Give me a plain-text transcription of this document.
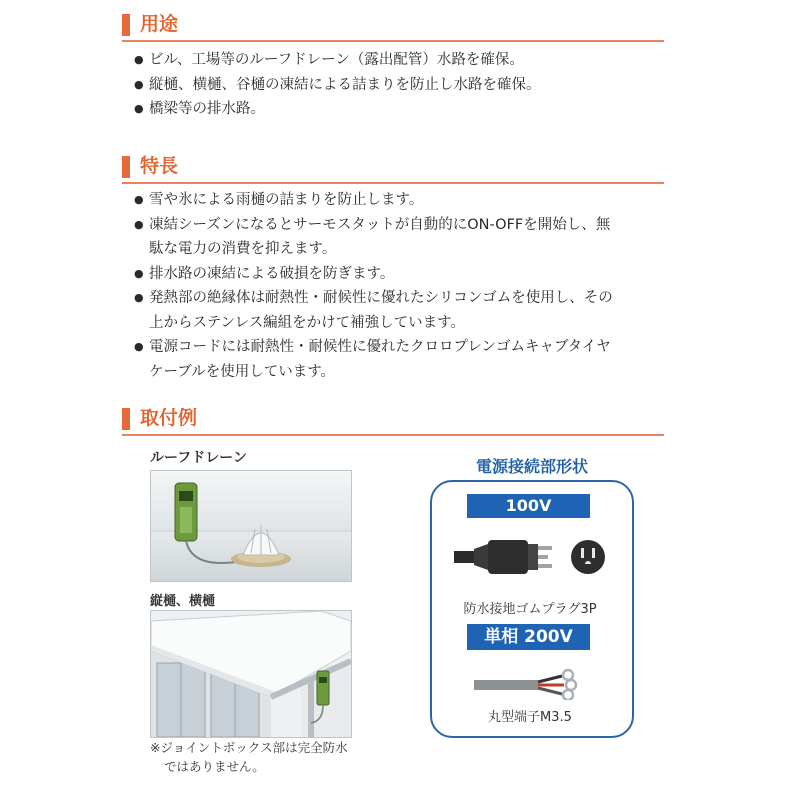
用途
● ビル、工場等のルーフドレーン（露出配管）水路を確保。
● 縦樋、横樋、谷樋の凍結による詰まりを防止し水路を確保。
● 橋梁等の排水路。
特長
● 雪や氷による雨樋の詰まりを防止します。
● 凍結シーズンになるとサーモスタットが自動的にON-OFFを開始し、無
駄な電力の消費を抑えます。
● 排水路の凍結による破損を防ぎます。
● 発熱部の絶縁体は耐熱性・耐候性に優れたシリコンゴムを使用し、その
上からステンレス編組をかけて補強しています。
● 電源コードには耐熱性・耐候性に優れたクロロプレンゴムキャブタイヤ
ケーブルを使用しています。
取付例
ルーフドレーン
縦樋、横樋
※ジョイントボックス部は完全防水
ではありません。
電源接続部形状
100V
防水接地ゴムプラグ3P
単相 200V
丸型端子M3.5
